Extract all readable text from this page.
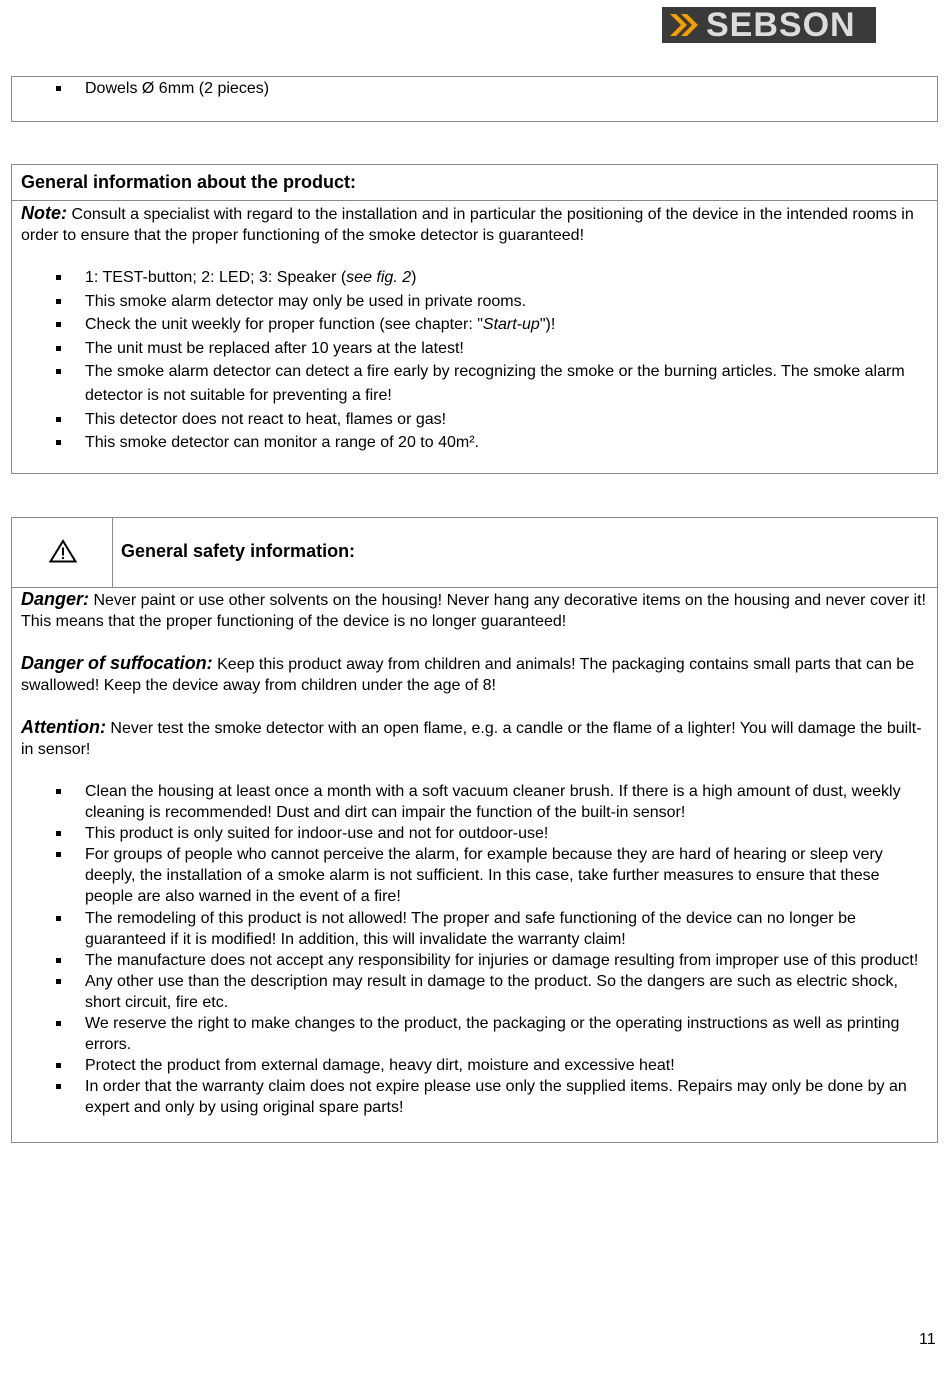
SEBSON
Dowels Ø 6mm (2 pieces)
General information about the product:
Note: Consult a specialist with regard to the installation and in particular the positioning of the device in the intended rooms in order to ensure that the proper functioning of the smoke detector is guaranteed!
1: TEST-button; 2: LED; 3: Speaker (see fig. 2)
This smoke alarm detector may only be used in private rooms.
Check the unit weekly for proper function (see chapter: "Start-up")!
The unit must be replaced after 10 years at the latest!
The smoke alarm detector can detect a fire early by recognizing the smoke or the burning articles. The smoke alarm detector is not suitable for preventing a fire!
This detector does not react to heat, flames or gas!
This smoke detector can monitor a range of 20 to 40m².
General safety information:
Danger: Never paint or use other solvents on the housing! Never hang any decorative items on the housing and never cover it! This means that the proper functioning of the device is no longer guaranteed!
Danger of suffocation: Keep this product away from children and animals! The packaging contains small parts that can be swallowed! Keep the device away from children under the age of 8!
Attention: Never test the smoke detector with an open flame, e.g. a candle or the flame of a lighter! You will damage the built-in sensor!
Clean the housing at least once a month with a soft vacuum cleaner brush. If there is a high amount of dust, weekly cleaning is recommended! Dust and dirt can impair the function of the built-in sensor!
This product is only suited for indoor-use and not for outdoor-use!
For groups of people who cannot perceive the alarm, for example because they are hard of hearing or sleep very deeply, the installation of a smoke alarm is not sufficient. In this case, take further measures to ensure that these people are also warned in the event of a fire!
The remodeling of this product is not allowed! The proper and safe functioning of the device can no longer be guaranteed if it is modified! In addition, this will invalidate the warranty claim!
The manufacture does not accept any responsibility for injuries or damage resulting from improper use of this product!
Any other use than the description may result in damage to the product. So the dangers are such as electric shock, short circuit, fire etc.
We reserve the right to make changes to the product, the packaging or the operating instructions as well as printing errors.
Protect the product from external damage, heavy dirt, moisture and excessive heat!
In order that the warranty claim does not expire please use only the supplied items. Repairs may only be done by an expert and only by using original spare parts!
11
